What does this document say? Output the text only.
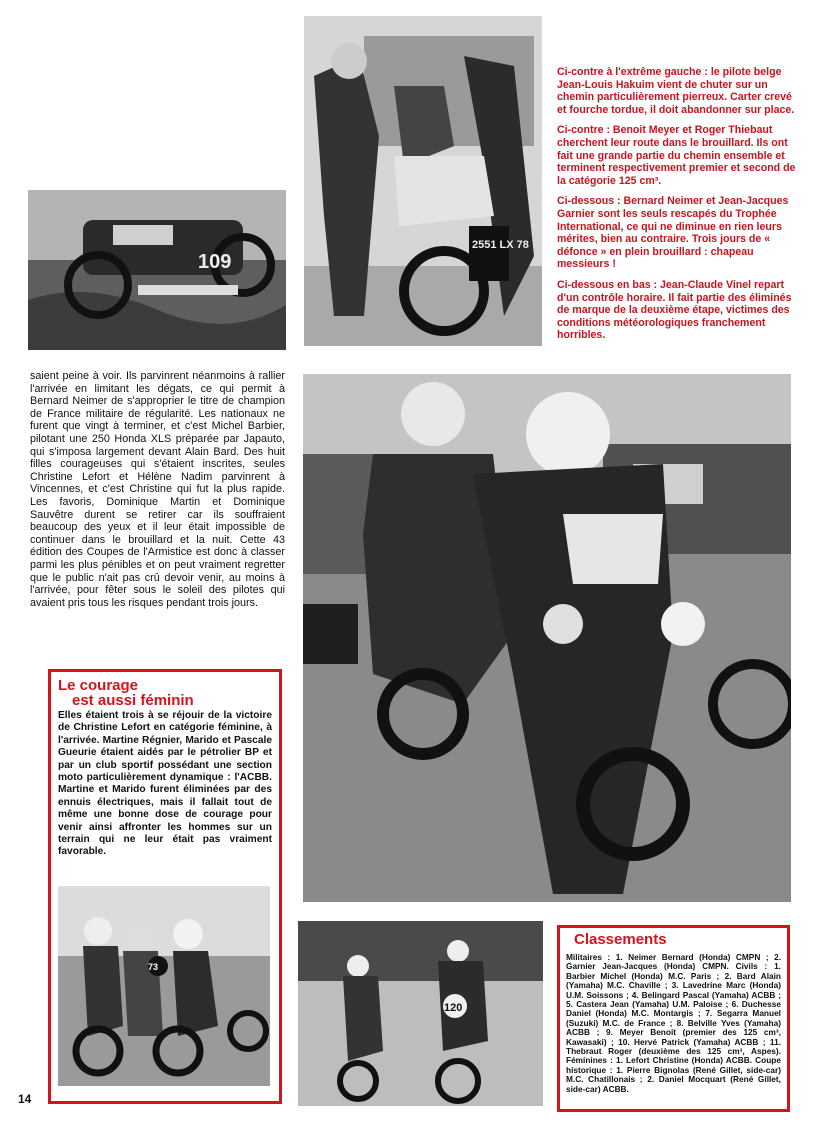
109
2551 LX 78

Ci-contre à l'extrême gauche : le pilote belge Jean-Louis Hakuim vient de chuter sur un chemin particulièrement pierreux. Carter crevé et fourche tordue, il doit abandonner sur place.

Ci-contre : Benoit Meyer et Roger Thiebaut cherchent leur route dans le brouillard. Ils ont fait une grande partie du chemin ensemble et terminent respectivement premier et second de la catégorie 125 cm³.

Ci-dessous : Bernard Neimer et Jean-Jacques Garnier sont les seuls rescapés du Trophée International, ce qui ne diminue en rien leurs mérites, bien au contraire. Trois jours de « défonce » en plein brouillard : chapeau messieurs !

Ci-dessous en bas : Jean-Claude Vinel repart d'un contrôle horaire. Il fait partie des éliminés de marque de la deuxième étape, victimes des conditions météorologiques franchement horribles.

saient peine à voir. Ils parvinrent néanmoins à rallier l'arrivée en limitant les dégats, ce qui permit à Bernard Neimer de s'approprier le titre de champion de France militaire de régularité. Les nationaux ne furent que vingt à terminer, et c'est Michel Barbier, pilotant une 250 Honda XLS préparée par Japauto, qui s'imposa largement devant Alain Bard. Des huit filles courageuses qui s'étaient inscrites, seules Christine Lefort et Hélène Nadim parvinrent à Vincennes, et c'est Christine qui fut la plus rapide. Les favoris, Dominique Martin et Dominique Sauvêtre durent se retirer car ils souffraient beaucoup des yeux et il leur était impossible de continuer dans le brouillard et la nuit. Cette 43 édition des Coupes de l'Armistice est donc à classer parmi les plus pénibles et on peut vraiment regretter que le public n'ait pas crû devoir venir, au moins à l'arrivée, pour fêter sous le soleil des pilotes qui avaient pris tous les risques pendant trois jours.
Le courage
est aussi féminin
Elles étaient trois à se réjouir de la victoire de Christine Lefort en catégorie féminine, à l'arrivée. Martine Régnier, Marido et Pascale Gueurie étaient aidés par le pétrolier BP et par un club sportif possédant une section moto particulièrement dynamique : l'ACBB. Martine et Marido furent éliminées par des ennuis électriques, mais il fallait tout de même une bonne dose de courage pour venir ainsi affronter les hommes sur un terrain qui ne leur était pas vraiment favorable.
73
120
Classements
Militaires : 1. Neimer Bernard (Honda) CMPN ; 2. Garnier Jean-Jacques (Honda) CMPN. Civils : 1. Barbier Michel (Honda) M.C. Paris ; 2. Bard Alain (Yamaha) M.C. Chaville ; 3. Lavedrine Marc (Honda) U.M. Soissons ; 4. Belingard Pascal (Yamaha) ACBB ; 5. Castera Jean (Yamaha) U.M. Paloise ; 6. Duchesse Daniel (Honda) M.C. Montargis ; 7. Segarra Manuel (Suzuki) M.C. de France ; 8. Belville Yves (Yamaha) ACBB ; 9. Meyer Benoit (premier des 125 cm³, Kawasaki) ; 10. Hervé Patrick (Yamaha) ACBB ; 11. Thebraut Roger (deuxième des 125 cm³, Aspes). Féminines : 1. Lefort Christine (Honda) ACBB. Coupe historique : 1. Pierre Bignolas (René Gillet, side-car) M.C. Chatillonais ; 2. Daniel Mocquart (René Gillet, side-car) ACBB.
14
